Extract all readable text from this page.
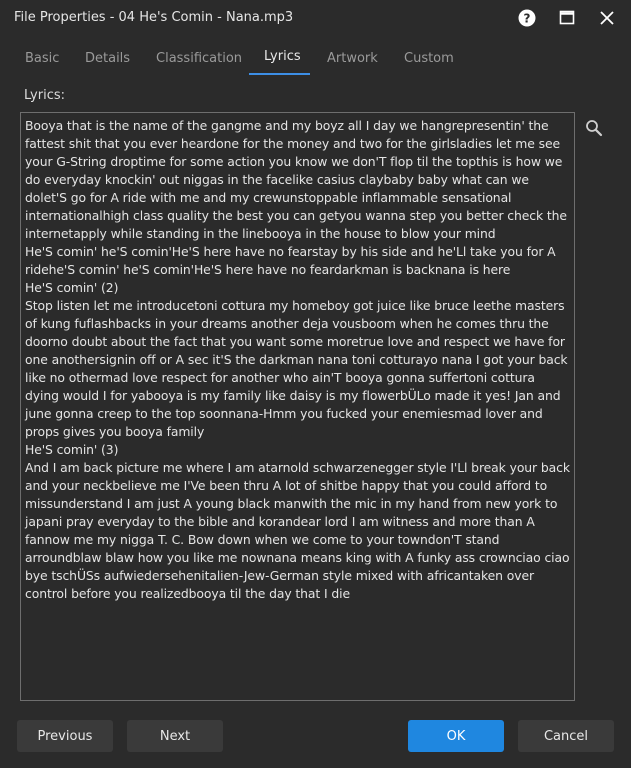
File Properties - 04 He's Comin - Nana.mp3	?
Basic Details Classification Lyrics Artwork Custom
Lyrics:
Booya that is the name of the gangme and my boyz all I day we hangrepresentin' the fattest shit that you ever heardone for the money and two for the girlsladies let me see your G-String droptime for some action you know we don'T flop til the topthis is how we do everyday knockin' out niggas in the facelike casius claybaby baby what can we dolet'S go for A ride with me and my crewunstoppable inflammable sensational internationalhigh class quality the best you can getyou wanna step you better check the internetapply while standing in the linebooya in the house to blow your mind
He'S comin' he'S comin'He'S here have no fearstay by his side and he'Ll take you for A ridehe'S comin' he'S comin'He'S here have no feardarkman is backnana is here
He'S comin' (2)
Stop listen let me introducetoni cottura my homeboy got juice like bruce leethe masters of kung fuflashbacks in your dreams another deja vousboom when he comes thru the doorno doubt about the fact that you want some moretrue love and respect we have for one anothersignin off or A sec it'S the darkman nana toni cotturayo nana I got your back like no othermad love respect for another who ain'T booya gonna suffertoni cottura dying would I for yabooya is my family like daisy is my flowerbÜLo made it yes! Jan and june gonna creep to the top soonnana-Hmm you fucked your enemiesmad lover and props gives you booya family
He'S comin' (3)
And I am back picture me where I am atarnold schwarzenegger style I'Ll break your back and your neckbelieve me I'Ve been thru A lot of shitbe happy that you could afford to missunderstand I am just A young black manwith the mic in my hand from new york to japani pray everyday to the bible and korandear lord I am witness and more than A fannow me my nigga T. C. Bow down when we come to your towndon'T stand arroundblaw blaw how you like me nownana means king with A funky ass crownciao ciao bye tschÜSs aufwiedersehenitalien-Jew-German style mixed with africantaken over control before you realizedbooya til the day that I die
Previous	Next	OK	Cancel
